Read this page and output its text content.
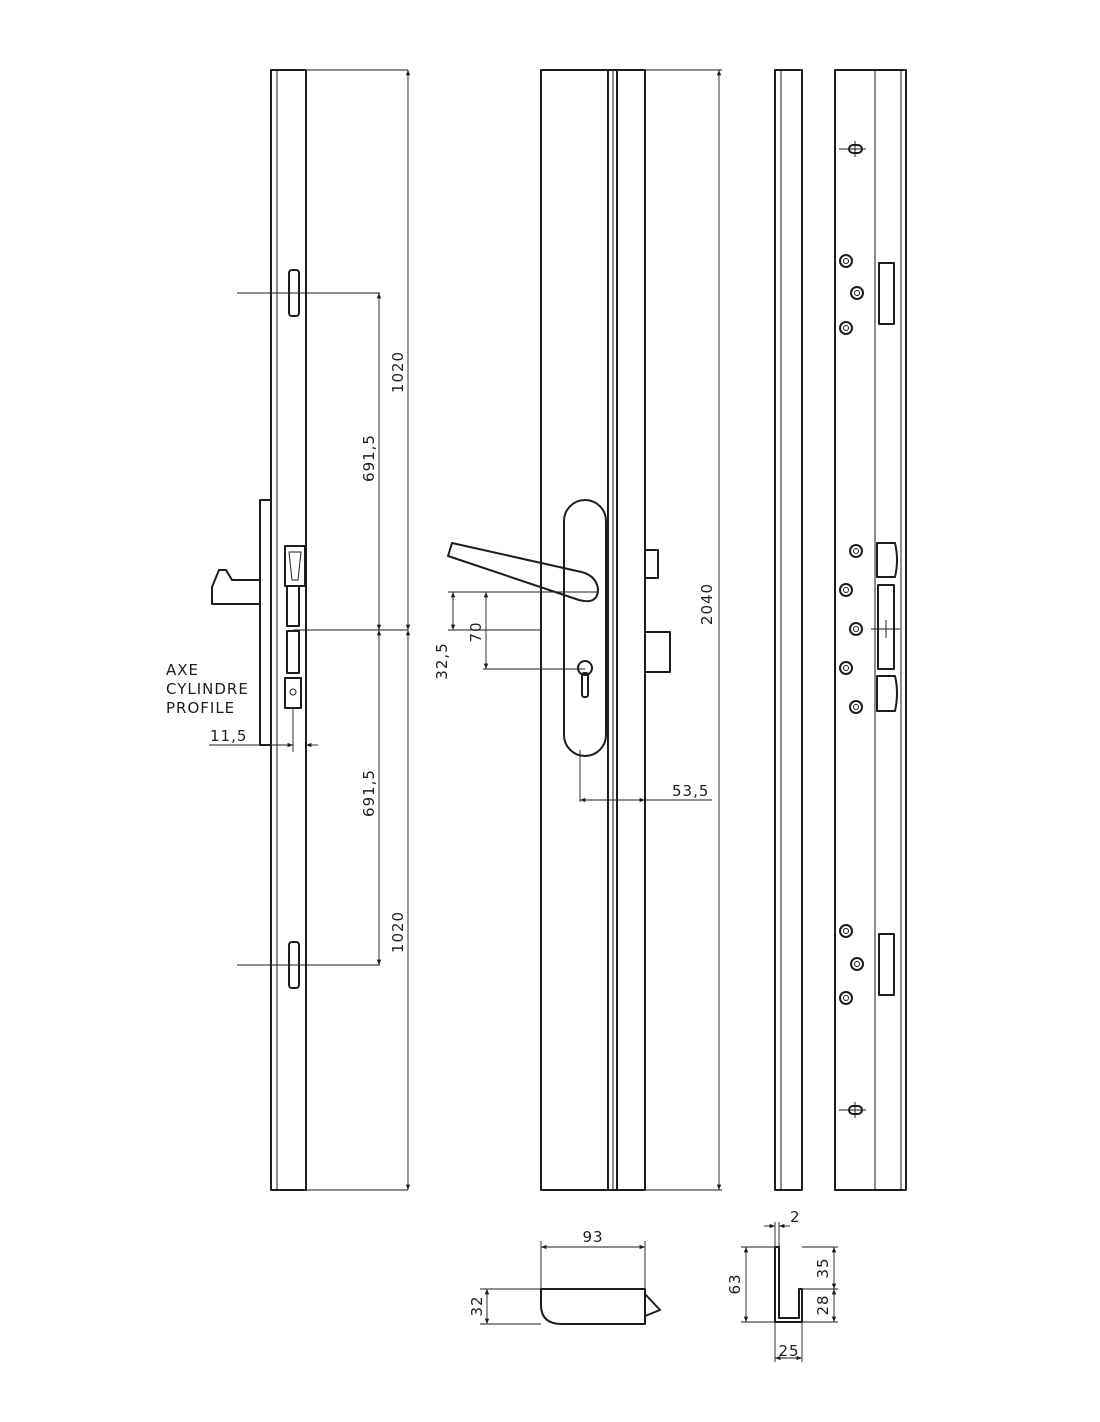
691,5
1020
691,5
1020
11,5
AXE
CYLINDRE
PROFILE
70
32,5
2040
53,5
93
32
2
63
35
28
25
